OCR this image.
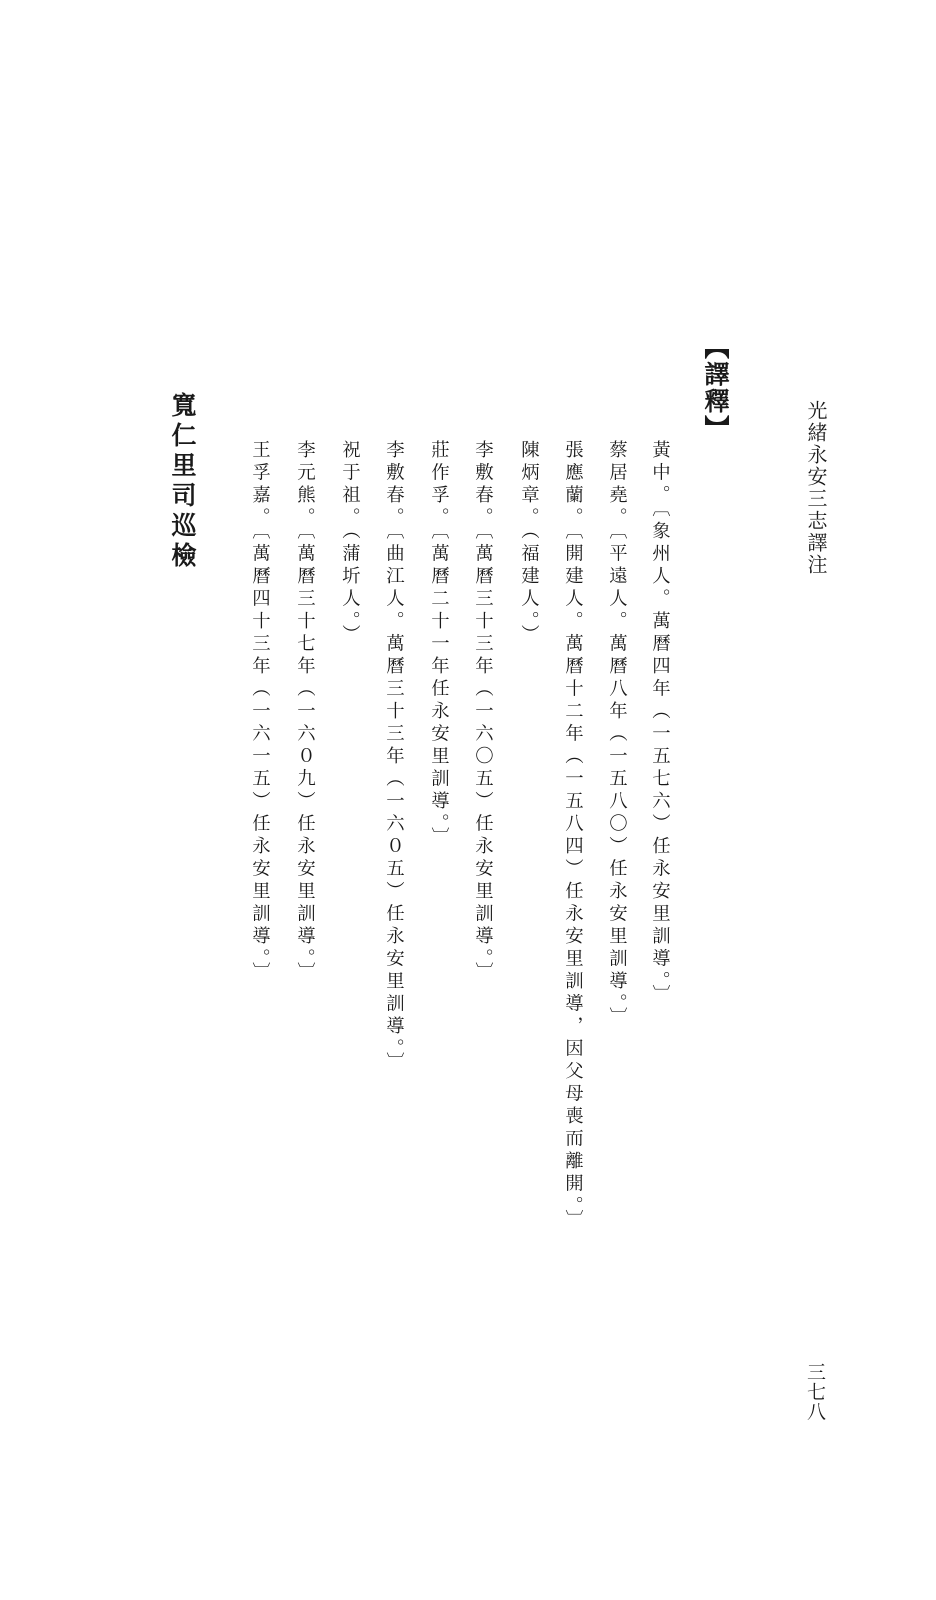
光緒永安三志譯注
三七八
【譯釋】
黃中。〔象州人。萬曆四年（一五七六）任永安里訓導。〕
蔡居堯。〔平遠人。萬曆八年（一五八〇）任永安里訓導。〕
張應蘭。〔開建人。萬曆十二年（一五八四）任永安里訓導，因父母喪而離開。〕
陳炳章。（福建人。）
李敷春。〔萬曆三十三年（一六〇五）任永安里訓導。〕
莊作孚。〔萬曆二十一年任永安里訓導。〕
李敷春。〔曲江人。萬曆三十三年（一六０五）任永安里訓導。〕
祝于祖。（蒲圻人。）
李元熊。〔萬曆三十七年（一六０九）任永安里訓導。〕
王孚嘉。〔萬曆四十三年（一六一五）任永安里訓導。〕
寬仁里司巡檢
